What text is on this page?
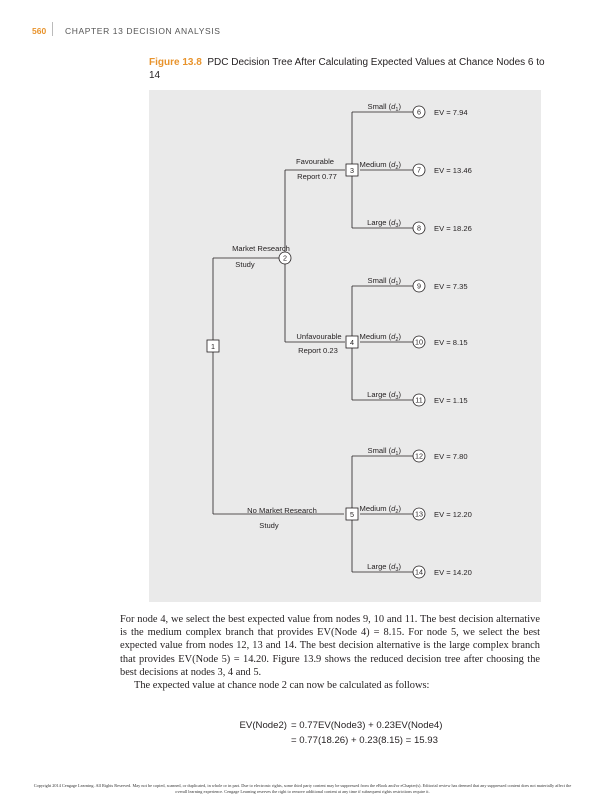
560 CHAPTER 13 DECISION ANALYSIS
Figure 13.8 PDC Decision Tree After Calculating Expected Values at Chance Nodes 6 to 14
1
2
3
4
5
Market Research
Study
No Market Research
Study
Favourable
Report 0.77
Unfavourable
Report 0.23
Small $(d_1)$
6 EV = 7.94
Medium $(d_2)$
7 EV = 13.46
Large $(d_3)$
8 EV = 18.26
Small $(d_1)$
9 EV = 7.35
Medium $(d_2)$
10 EV = 8.15
Large $(d_3)$
11 EV = 1.15
Small $(d_1)$
12 EV = 7.80
Medium $(d_2)$
13 EV = 12.20
Large $(d_3)$
14 EV = 14.20

For node 4, we select the best expected value from nodes 9, 10 and 11. The best decision alternative is the medium complex branch that provides EV(Node 4) = 8.15. For node 5, we select the best expected value from nodes 12, 13 and 14. The best decision alternative is the large complex branch that provides EV(Node 5) = 14.20. Figure 13.9 shows the reduced decision tree after choosing the best decisions at nodes 3, 4 and 5.

The expected value at chance node 2 can now be calculated as follows:

EV(Node2) = 0.77EV(Node3) + 0.23EV(Node4)
= 0.77(18.26) + 0.23(8.15) = 15.93
Copyright 2014 Cengage Learning. All Rights Reserved. May not be copied, scanned, or duplicated, in whole or in part. Due to electronic rights, some third party content may be suppressed from the eBook and/or eChapter(s). Editorial review has deemed that any suppressed content does not materially affect the overall learning experience. Cengage Learning reserves the right to remove additional content at any time if subsequent rights restrictions require it.
